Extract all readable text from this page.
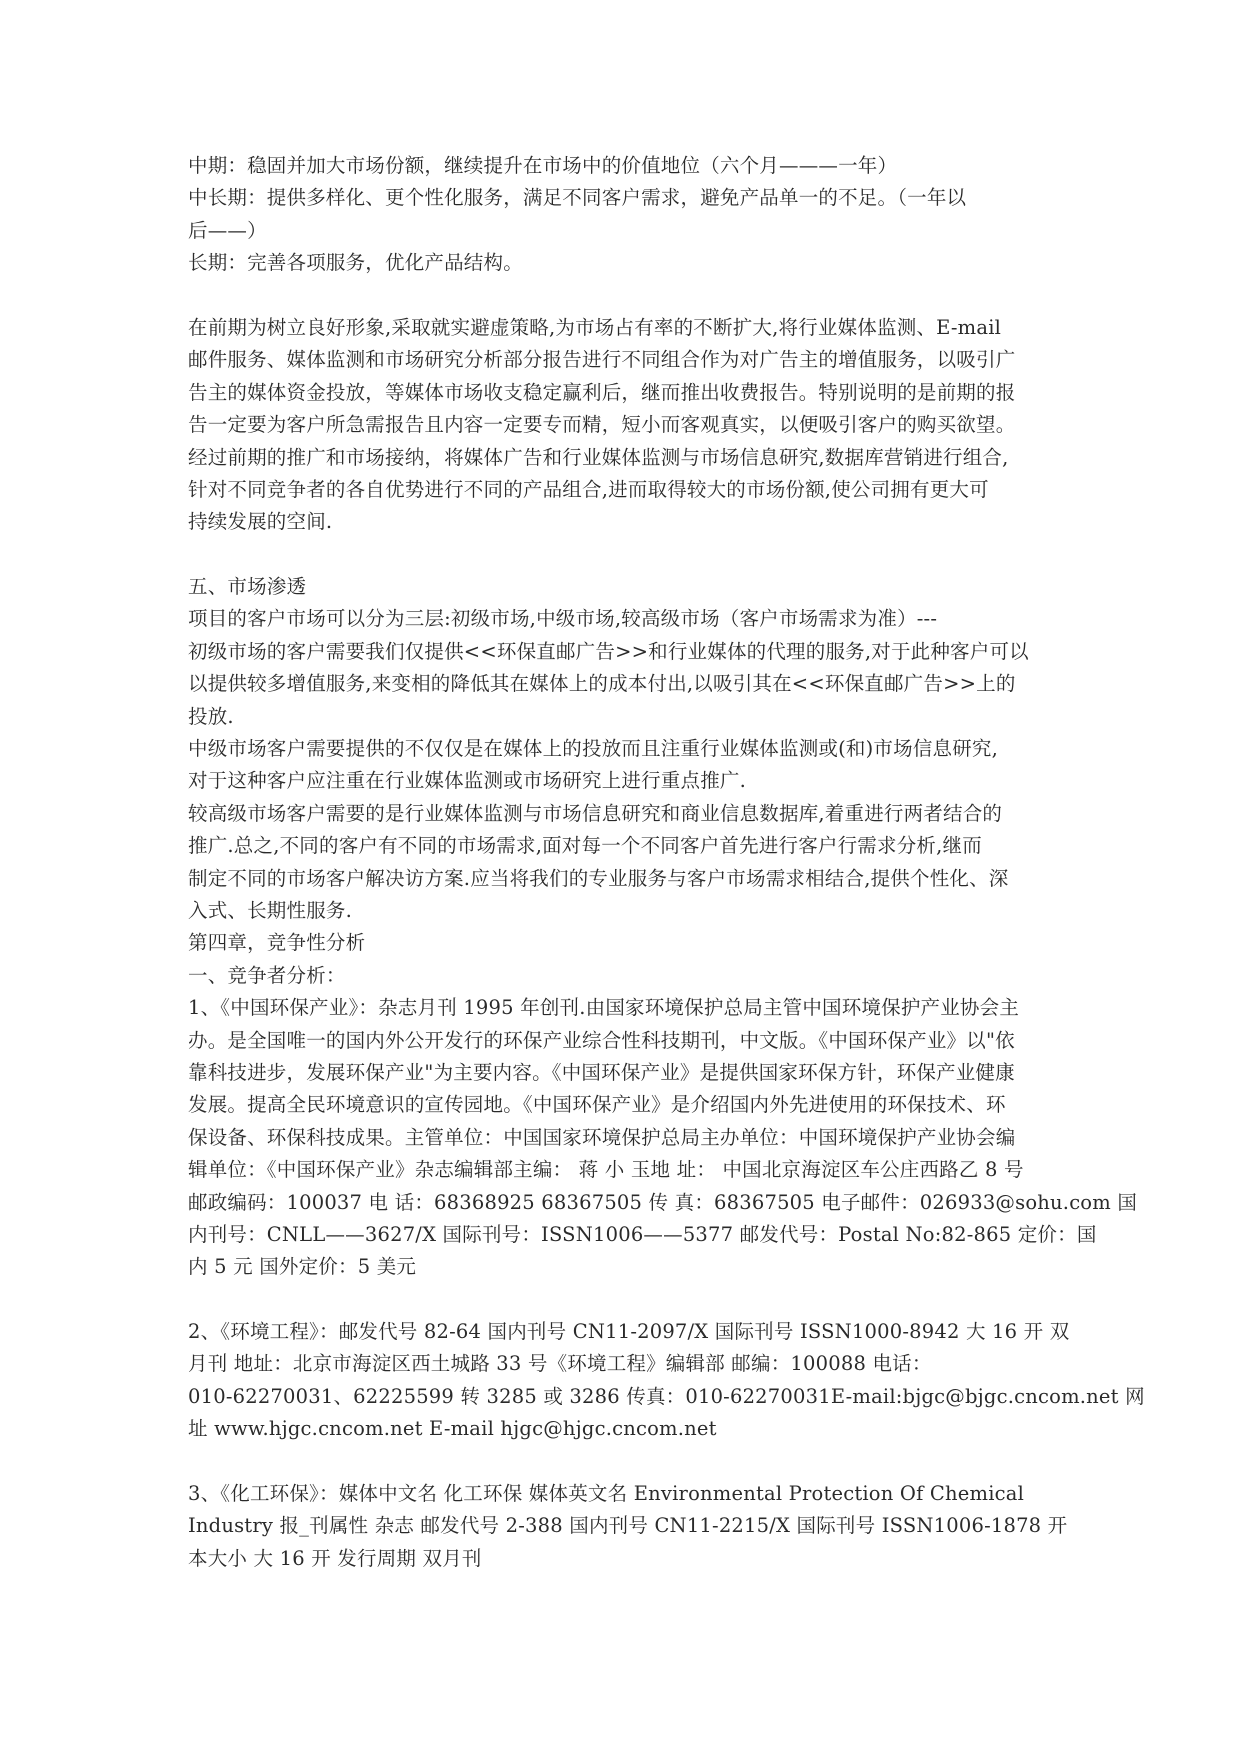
中期：稳固并加大市场份额，继续提升在市场中的价值地位（六个月———一年）
中长期：提供多样化、更个性化服务，满足不同客户需求，避免产品单一的不足。（一年以
后——）
长期：完善各项服务，优化产品结构。
在前期为树立良好形象,采取就实避虚策略,为市场占有率的不断扩大,将行业媒体监测、E-mail
邮件服务、媒体监测和市场研究分析部分报告进行不同组合作为对广告主的增值服务，以吸引广
告主的媒体资金投放，等媒体市场收支稳定赢利后，继而推出收费报告。特别说明的是前期的报
告一定要为客户所急需报告且内容一定要专而精，短小而客观真实，以便吸引客户的购买欲望。
经过前期的推广和市场接纳，将媒体广告和行业媒体监测与市场信息研究,数据库营销进行组合,
针对不同竞争者的各自优势进行不同的产品组合,进而取得较大的市场份额,使公司拥有更大可
持续发展的空间.
五、市场渗透
项目的客户市场可以分为三层:初级市场,中级市场,较高级市场（客户市场需求为准）---
初级市场的客户需要我们仅提供<<环保直邮广告>>和行业媒体的代理的服务,对于此种客户可以
以提供较多增值服务,来变相的降低其在媒体上的成本付出,以吸引其在<<环保直邮广告>>上的
投放.
中级市场客户需要提供的不仅仅是在媒体上的投放而且注重行业媒体监测或(和)市场信息研究,
对于这种客户应注重在行业媒体监测或市场研究上进行重点推广.
较高级市场客户需要的是行业媒体监测与市场信息研究和商业信息数据库,着重进行两者结合的
推广.总之,不同的客户有不同的市场需求,面对每一个不同客户首先进行客户行需求分析,继而
制定不同的市场客户解决访方案.应当将我们的专业服务与客户市场需求相结合,提供个性化、深
入式、长期性服务.
第四章，竞争性分析
一、竞争者分析：
1、《中国环保产业》：杂志月刊 1995 年创刊.由国家环境保护总局主管中国环境保护产业协会主
办。是全国唯一的国内外公开发行的环保产业综合性科技期刊，中文版。《中国环保产业》以"依
靠科技进步，发展环保产业"为主要内容。《中国环保产业》是提供国家环保方针，环保产业健康
发展。提高全民环境意识的宣传园地。《中国环保产业》是介绍国内外先进使用的环保技术、环
保设备、环保科技成果。主管单位：中国国家环境保护总局主办单位：中国环境保护产业协会编
辑单位：《中国环保产业》杂志编辑部主编： 蒋 小 玉地 址： 中国北京海淀区车公庄西路乙 8 号
邮政编码：100037 电 话：68368925 68367505 传 真：68367505 电子邮件：026933@sohu.com 国
内刊号：CNLL——3627/X 国际刊号：ISSN1006——5377 邮发代号：Postal No:82-865 定价：国
内 5 元 国外定价：5 美元
2、《环境工程》：邮发代号 82-64 国内刊号 CN11-2097/X 国际刊号 ISSN1000-8942 大 16 开 双
月刊 地址：北京市海淀区西土城路 33 号《环境工程》编辑部 邮编：100088 电话：
010-62270031、62225599 转 3285 或 3286 传真：010-62270031E-mail:bjgc@bjgc.cncom.net 网
址 www.hjgc.cncom.net E-mail hjgc@hjgc.cncom.net
3、《化工环保》：媒体中文名 化工环保 媒体英文名 Environmental Protection Of Chemical
Industry 报_刊属性 杂志 邮发代号 2-388 国内刊号 CN11-2215/X 国际刊号 ISSN1006-1878 开
本大小 大 16 开 发行周期 双月刊
